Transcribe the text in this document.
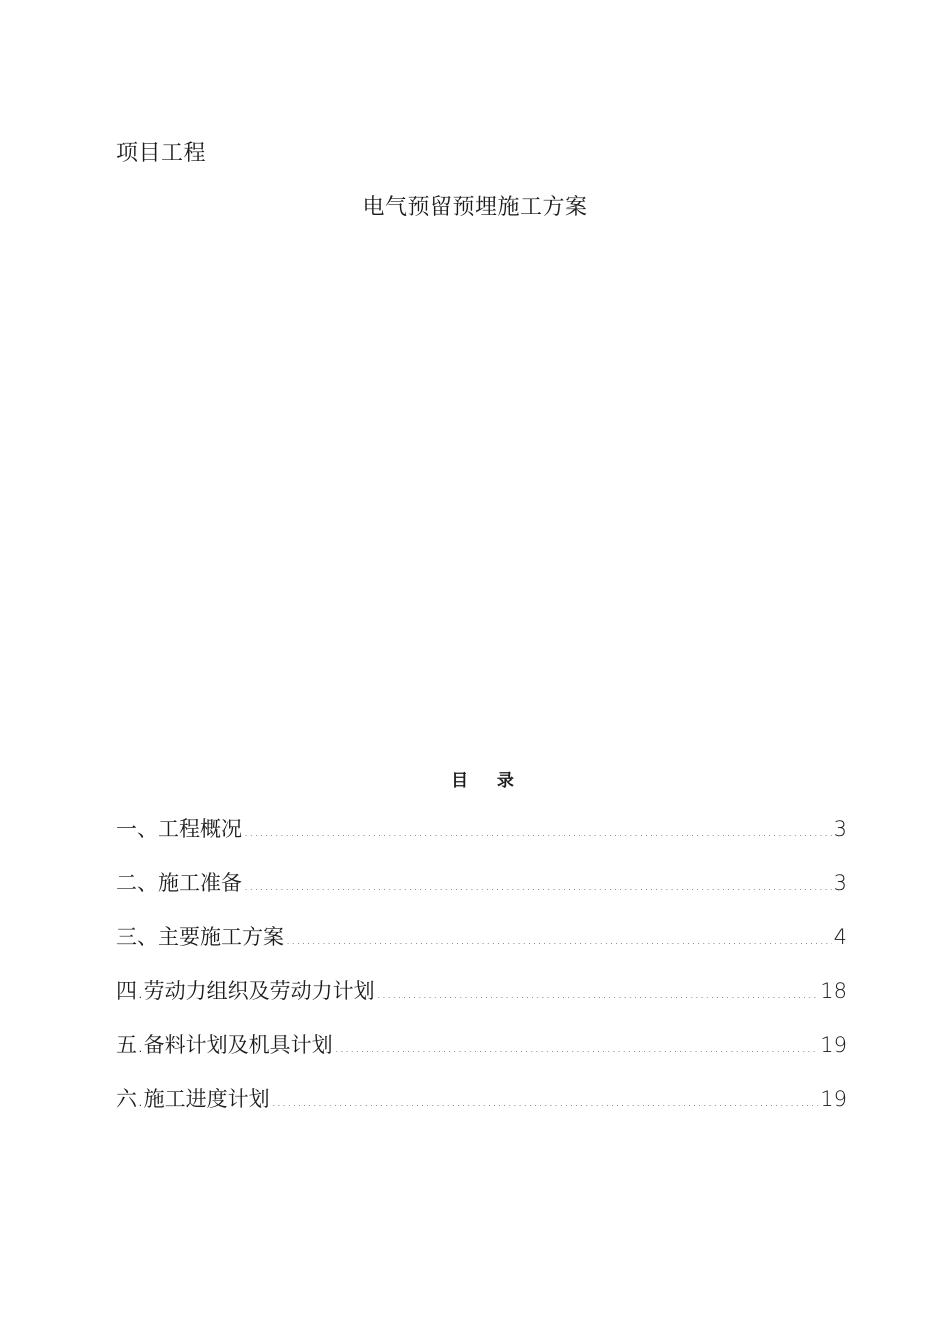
项目工程
电气预留预埋施工方案
目    录
一、工程概况 .....	3
二、施工准备 .....	3
三、主要施工方案 .....	4
四.劳动力组织及劳动力计划 .....	18
五.备料计划及机具计划 .....	19
六.施工进度计划 .....	19
